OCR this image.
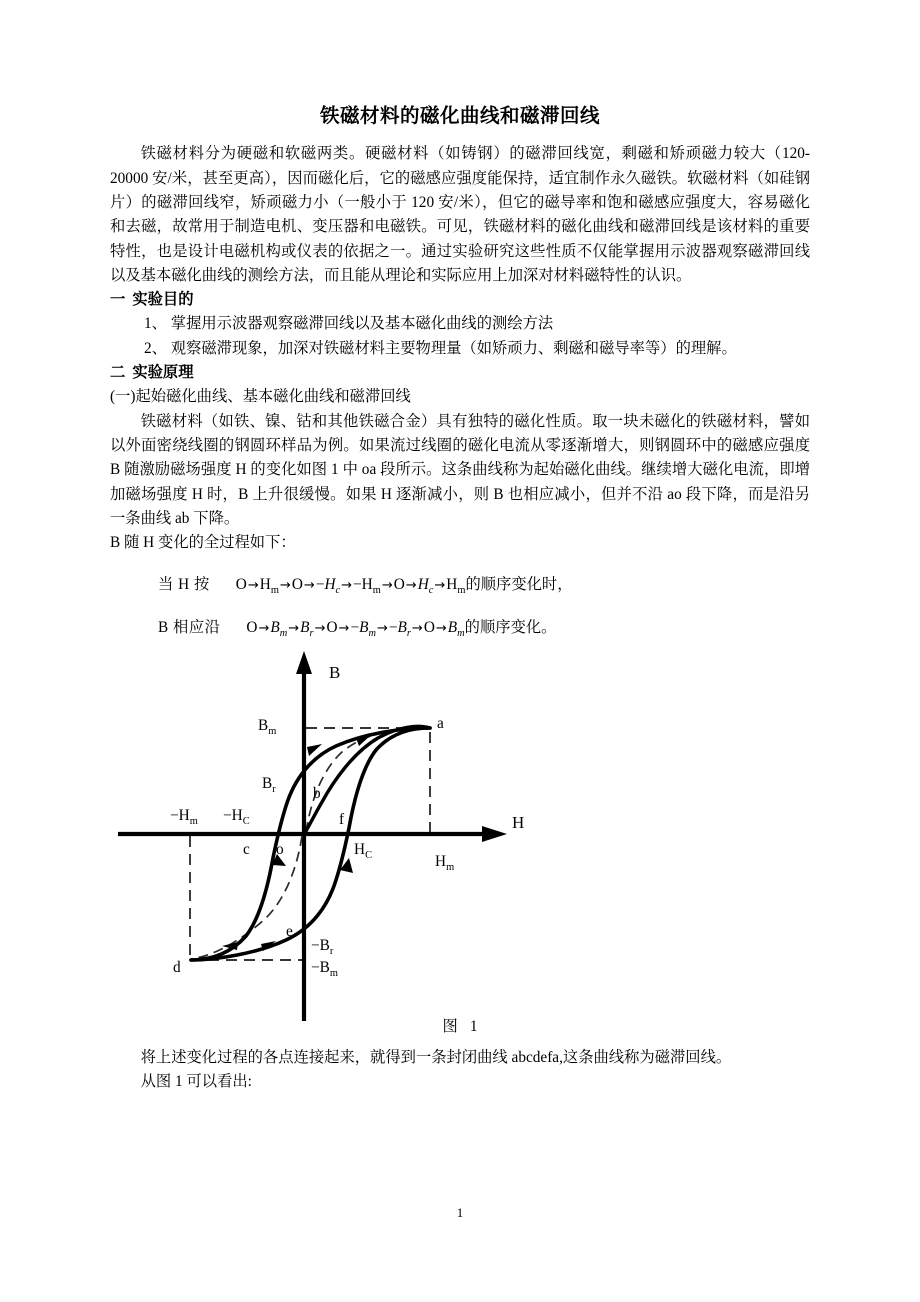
铁磁材料的磁化曲线和磁滞回线

铁磁材料分为硬磁和软磁两类。硬磁材料（如铸钢）的磁滞回线宽，剩磁和矫顽磁力较大（120-20000 安/米，甚至更高），因而磁化后，它的磁感应强度能保持，适宜制作永久磁铁。软磁材料（如硅钢片）的磁滞回线窄，矫顽磁力小（一般小于 120 安/米），但它的磁导率和饱和磁感应强度大，容易磁化和去磁，故常用于制造电机、变压器和电磁铁。可见，铁磁材料的磁化曲线和磁滞回线是该材料的重要特性，也是设计电磁机构或仪表的依据之一。通过实验研究这些性质不仅能掌握用示波器观察磁滞回线以及基本磁化曲线的测绘方法，而且能从理论和实际应用上加深对材料磁特性的认识。

一 实验目的

1、 掌握用示波器观察磁滞回线以及基本磁化曲线的测绘方法

2、 观察磁滞现象，加深对铁磁材料主要物理量（如矫顽力、剩磁和磁导率等）的理解。

二 实验原理

(一)起始磁化曲线、基本磁化曲线和磁滞回线

铁磁材料（如铁、镍、钴和其他铁磁合金）具有独特的磁化性质。取一块未磁化的铁磁材料，譬如以外面密绕线圈的钢圆环样品为例。如果流过线圈的磁化电流从零逐渐增大，则钢圆环中的磁感应强度 B 随激励磁场强度 H 的变化如图 1 中 oa 段所示。这条曲线称为起始磁化曲线。继续增大磁化电流，即增加磁场强度 H 时，B 上升很缓慢。如果 H 逐渐减小，则 B 也相应减小，但并不沿 ao 段下降，而是沿另一条曲线 ab 下降。

B 随 H 变化的全过程如下：

当 H 按 $O\to H_m\to O\to-H_c\to-H_m\to O\to H_c\to H_m$的顺序变化时，
B 相应沿 $O\to B_m\to B_r\to O\to-B_m\to-B_r\to O\to B_m$的顺序变化。
B
H
$B_m$
$B_r$
a
b
c
d
e
f
o
$-H_m -H_C$
$H_C$	$H_m$
$-B_r$
$-B_m$
图 1

将上述变化过程的各点连接起来，就得到一条封闭曲线 abcdefa,这条曲线称为磁滞回线。

从图 1 可以看出:

1
